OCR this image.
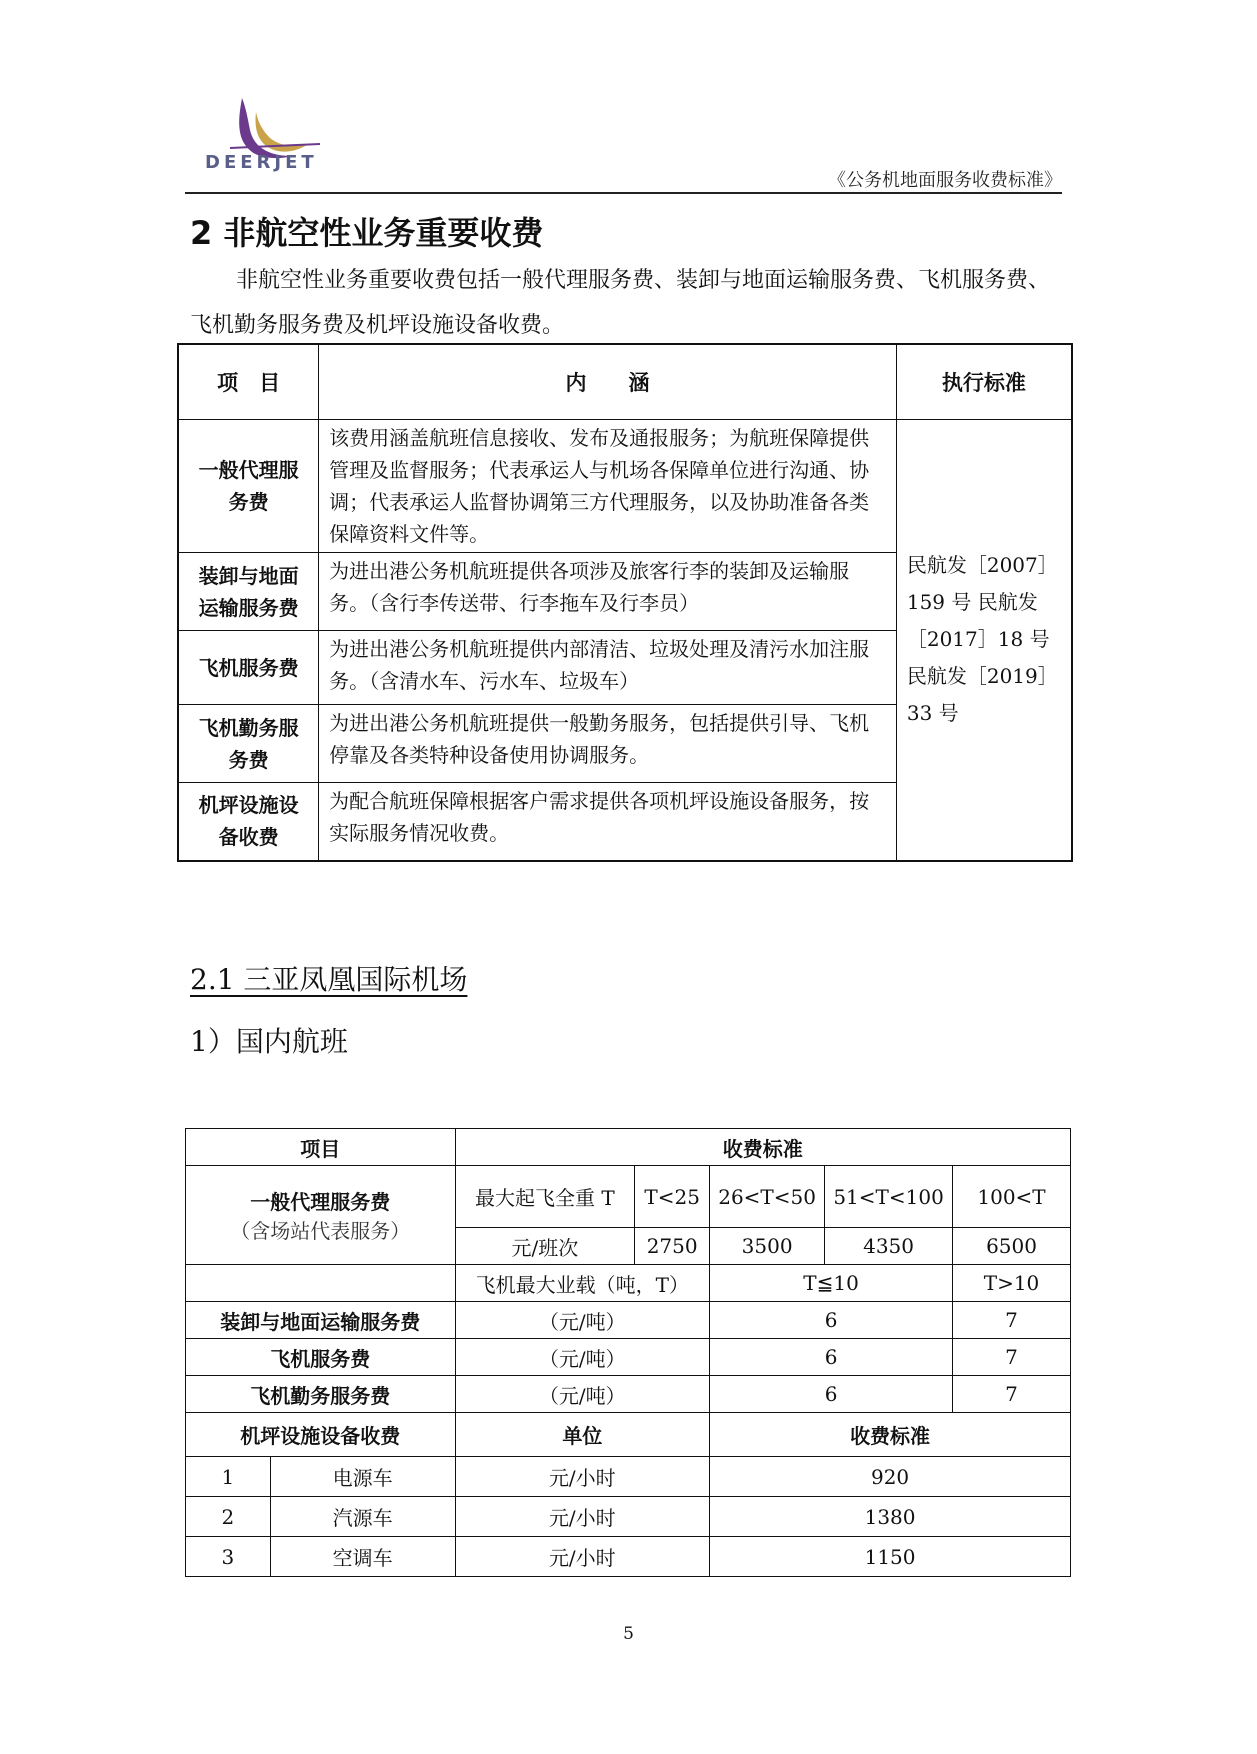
DEERJET
《公务机地面服务收费标准》
2 非航空性业务重要收费

非航空性业务重要收费包括一般代理服务费、装卸与地面运输服务费、飞机服务费、飞机勤务服务费及机坪设施设备收费。

项　目	内　　涵	执行标准

一般代理服务费	该费用涵盖航班信息接收、发布及通报服务；为航班保障提供管理及监督服务；代表承运人与机场各保障单位进行沟通、协调；代表承运人监督协调第三方代理服务，以及协助准备各类保障资料文件等。	民航发［2007］159 号 民航发［2017］18 号 民航发［2019］33 号

装卸与地面运输服务费	为进出港公务机航班提供各项涉及旅客行李的装卸及运输服务。（含行李传送带、行李拖车及行李员）	

飞机服务费	为进出港公务机航班提供内部清洁、垃圾处理及清污水加注服务。（含清水车、污水车、垃圾车）	

飞机勤务服务费	为进出港公务机航班提供一般勤务服务，包括提供引导、飞机停靠及各类特种设备使用协调服务。	

机坪设施设备收费	为配合航班保障根据客户需求提供各项机坪设施设备服务，按实际服务情况收费。	
2.1 三亚凤凰国际机场
1）国内航班
项目		收费标准				

一般代理服务费
（含场站代表服务）		最大起飞全重 T	T<25	26<T<50	51<T<100	100<T
		元/班次	2750	3500	4350	6500
		飞机最大业载（吨，T）		T≦10		T>10
装卸与地面运输服务费		（元/吨）		6		7
飞机服务费		（元/吨）		6		7
飞机勤务服务费		（元/吨）		6		7
机坪设施设备收费		单位		收费标准		
1	电源车	元/小时		920		
2	汽源车	元/小时		1380		
3	空调车	元/小时		1150		
5
